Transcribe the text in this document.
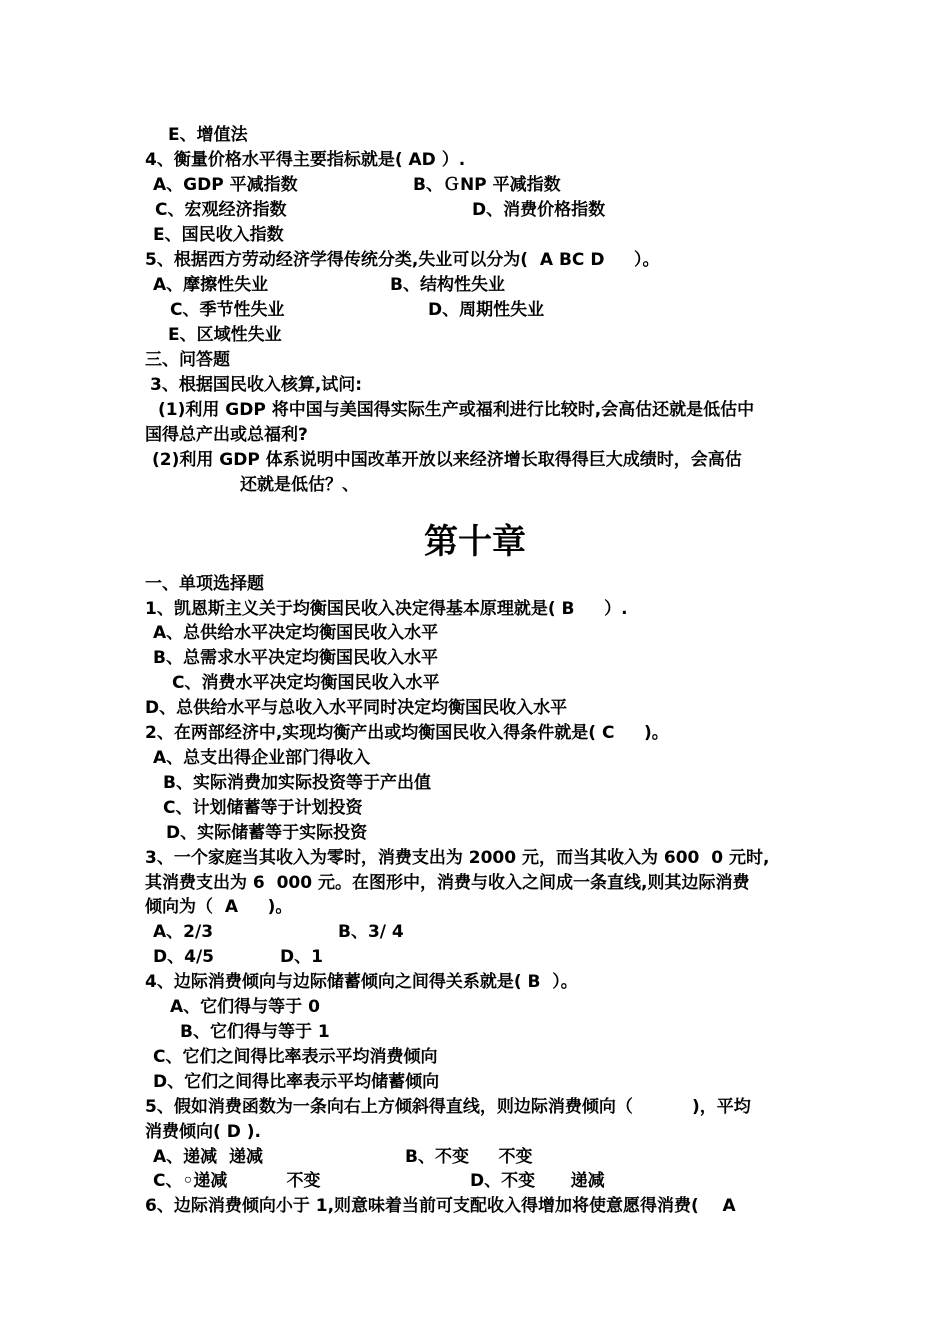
E、增值法
4、衡量价格水平得主要指标就是( AD ）.
A、GDP 平减指数	B、ＧNP 平减指数
C、宏观经济指数	D、消费价格指数
E、国民收入指数
5、根据西方劳动经济学得传统分类,失业可以分为(  A BC D     ）。
A、摩擦性失业	B、结构性失业
C、季节性失业	D、周期性失业
E、区域性失业
三、问答题
3、根据国民收入核算,试问:
(1)利用 GDP 将中国与美国得实际生产或福利进行比较时,会高估还就是低估中
国得总产出或总福利?
(2)利用 GDP 体系说明中国改革开放以来经济增长取得得巨大成绩时，会高估
还就是低估？、
第十章
一、单项选择题
1、凯恩斯主义关于均衡国民收入决定得基本原理就是( B     ）.
A、总供给水平决定均衡国民收入水平
B、总需求水平决定均衡国民收入水平
C、消费水平决定均衡国民收入水平
D、总供给水平与总收入水平同时决定均衡国民收入水平
2、在两部经济中,实现均衡产出或均衡国民收入得条件就是( C     )。
A、总支出得企业部门得收入
B、实际消费加实际投资等于产出值
C、计划储蓄等于计划投资
D、实际储蓄等于实际投资
3、一个家庭当其收入为零时，消费支出为 2000 元，而当其收入为 600  0 元时,
其消费支出为 6  000 元。在图形中，消费与收入之间成一条直线,则其边际消费
倾向为（  A     )。
A、2/3	B、3/ 4
D、4/5	D、1
4、边际消费倾向与边际储蓄倾向之间得关系就是( B  ）。
A、它们得与等于 0
B、它们得与等于 1
C、它们之间得比率表示平均消费倾向
D、它们之间得比率表示平均储蓄倾向
5、假如消费函数为一条向右上方倾斜得直线，则边际消费倾向（          )，平均
消费倾向( D ).
A、递减  递减	B、不变     不变
C、◦递减          不变	D、不变      递减
6、边际消费倾向小于 1,则意味着当前可支配收入得增加将使意愿得消费(    A
